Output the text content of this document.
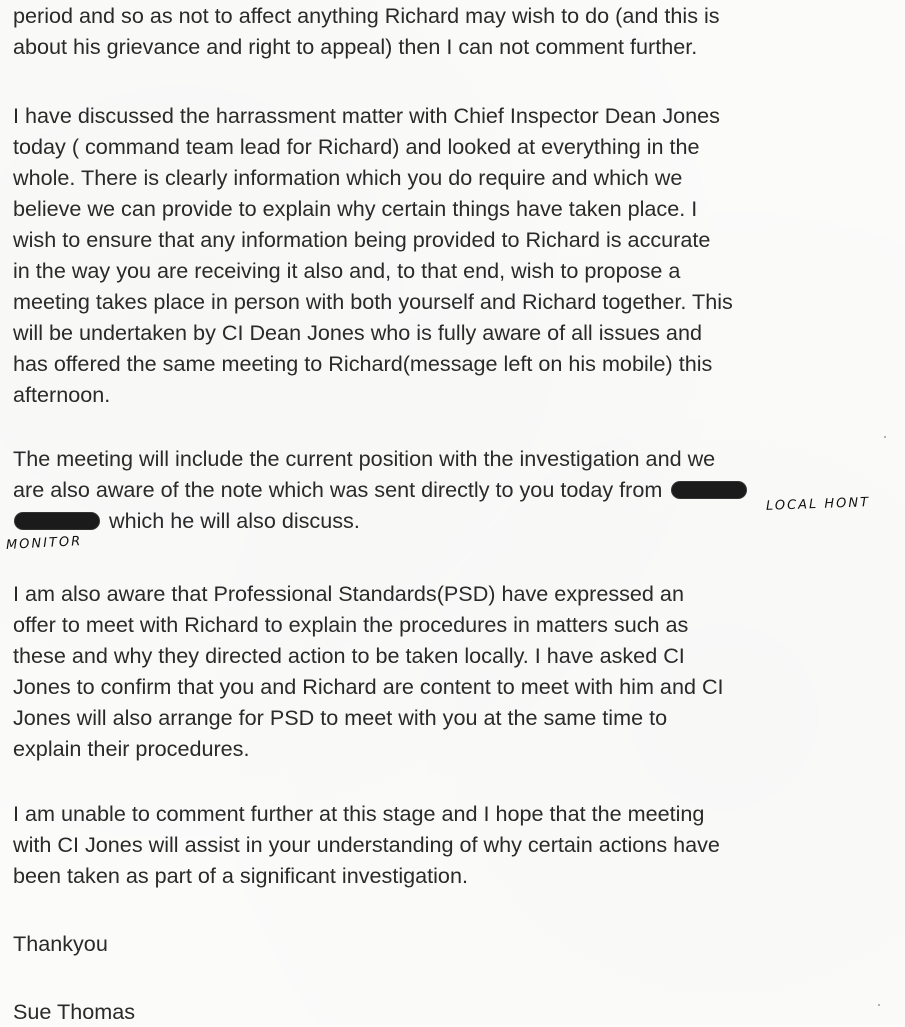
period and so as not to affect anything Richard may wish to do (and this is
about his grievance and right to appeal) then I can not comment further.
I have discussed the harrassment matter with Chief Inspector Dean Jones
today ( command team lead for Richard) and looked at everything in the
whole. There is clearly information which you do require and which we
believe we can provide to explain why certain things have taken place. I
wish to ensure that any information being provided to Richard is accurate
in the way you are receiving it also and, to that end, wish to propose a
meeting takes place in person with both yourself and Richard together. This
will be undertaken by CI Dean Jones who is fully aware of all issues and
has offered the same meeting to Richard(message left on his mobile) this
afternoon.
The meeting will include the current position with the investigation and we
are also aware of the note which was sent directly to you today from
which he will also discuss.
LOCAL HONT
MONITOR
I am also aware that Professional Standards(PSD) have expressed an
offer to meet with Richard to explain the procedures in matters such as
these and why they directed action to be taken locally. I have asked CI
Jones to confirm that you and Richard are content to meet with him and CI
Jones will also arrange for PSD to meet with you at the same time to
explain their procedures.
I am unable to comment further at this stage and I hope that the meeting
with CI Jones will assist in your understanding of why certain actions have
been taken as part of a significant investigation.
Thankyou
Sue Thomas
